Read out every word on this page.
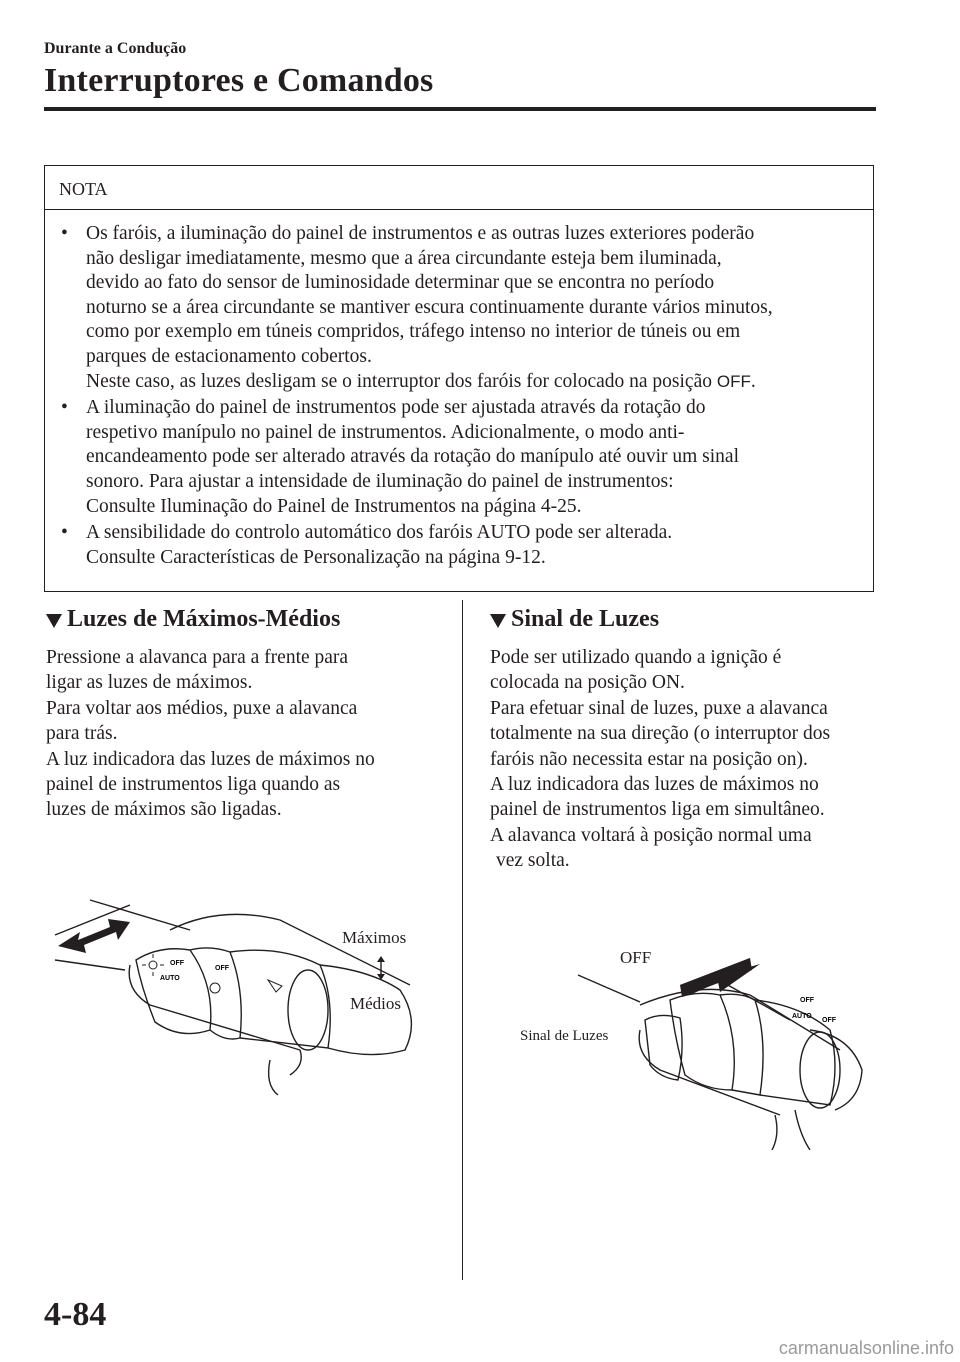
Durante a Condução
Interruptores e Comandos
NOTA
• Os faróis, a iluminação do painel de instrumentos e as outras luzes exteriores poderão
não desligar imediatamente, mesmo que a área circundante esteja bem iluminada,
devido ao fato do sensor de luminosidade determinar que se encontra no período
noturno se a área circundante se mantiver escura continuamente durante vários minutos,
como por exemplo em túneis compridos, tráfego intenso no interior de túneis ou em
parques de estacionamento cobertos.
Neste caso, as luzes desligam se o interruptor dos faróis for colocado na posição OFF.
• A iluminação do painel de instrumentos pode ser ajustada através da rotação do
respetivo manípulo no painel de instrumentos. Adicionalmente, o modo anti-
encandeamento pode ser alterado através da rotação do manípulo até ouvir um sinal
sonoro. Para ajustar a intensidade de iluminação do painel de instrumentos:
Consulte Iluminação do Painel de Instrumentos na página 4-25.
• A sensibilidade do controlo automático dos faróis AUTO pode ser alterada.
Consulte Características de Personalização na página 9-12.
Luzes de Máximos-Médios

Pressione a alavanca para a frente para
ligar as luzes de máximos.
Para voltar aos médios, puxe a alavanca
para trás.
A luz indicadora das luzes de máximos no
painel de instrumentos liga quando as
luzes de máximos são ligadas.

OFF
AUTO
OFF
Máximos
Médios
Sinal de Luzes

Pode ser utilizado quando a ignição é
colocada na posição ON.
Para efetuar sinal de luzes, puxe a alavanca
totalmente na sua direção (o interruptor dos
faróis não necessita estar na posição on).
A luz indicadora das luzes de máximos no
painel de instrumentos liga em simultâneo.
A alavanca voltará à posição normal uma
vez solta.

OFF
AUTO
OFF
OFF
Sinal de Luzes
4-84
carmanualsonline.info
